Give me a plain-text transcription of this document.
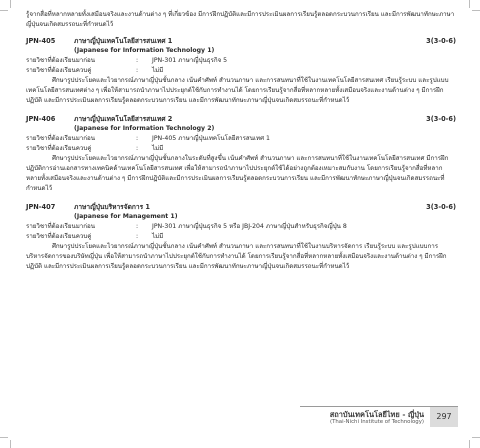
รู้จากสื่อที่หลากหลายทั้งเสมือนจริงและงานด้านต่าง ๆ ที่เกี่ยวข้อง มีการฝึกปฏิบัติและมีการประเมินผลการเรียนรู้ตลอดกระบวนการเรียน และมีการพัฒนาทักษะภาษาญี่ปุ่นจนเกิดสมรรถนะที่กำหนดไว้

JPN-405	ภาษาญี่ปุ่นเทคโนโลยีสารสนเทศ 1	3(3-0-6)
(Japanese for Information Technology 1)
รายวิชาที่ต้องเรียนมาก่อน	:	JPN-301 ภาษาญี่ปุ่นธุรกิจ 5
รายวิชาที่ต้องเรียนควบคู่	:	ไม่มี

ศึกษารูปประโยคและไวยากรณ์ภาษาญี่ปุ่นชั้นกลาง เน้นคำศัพท์ สำนวนภาษา และการสนทนาที่ใช้ในงานเทคโนโลยีสารสนเทศ เรียนรู้ระบบ และรูปแบบเทคโนโลยีสารสนเทศต่าง ๆ เพื่อให้สามารถนำภาษาไปประยุกต์ใช้กับการทำงานได้ โดยการเรียนรู้จากสื่อที่หลากหลายทั้งเสมือนจริงและงานด้านต่าง ๆ มีการฝึกปฏิบัติ และมีการประเมินผลการเรียนรู้ตลอดกระบวนการเรียน และมีการพัฒนาทักษะภาษาญี่ปุ่นจนเกิดสมรรถนะที่กำหนดไว้

JPN-406	ภาษาญี่ปุ่นเทคโนโลยีสารสนเทศ 2	3(3-0-6)
(Japanese for Information Technology 2)
รายวิชาที่ต้องเรียนมาก่อน	:	JPN-405 ภาษาญี่ปุ่นเทคโนโลยีสารสนเทศ 1
รายวิชาที่ต้องเรียนควบคู่	:	ไม่มี

ศึกษารูปประโยคและไวยากรณ์ภาษาญี่ปุ่นชั้นกลางในระดับที่สูงขึ้น เน้นคำศัพท์ สำนวนภาษา และการสนทนาที่ใช้ในงานเทคโนโลยีสารสนเทศ มีการฝึกปฏิบัติการอ่านเอกสารทางเทคนิคด้านเทคโนโลยีสารสนเทศ เพื่อให้สามารถนำภาษาไปประยุกต์ใช้ได้อย่างถูกต้องเหมาะสมกับงาน โดยการเรียนรู้จากสื่อที่หลากหลายทั้งเสมือนจริงและงานด้านต่าง ๆ มีการฝึกปฏิบัติและมีการประเมินผลการเรียนรู้ตลอดกระบวนการเรียน และมีการพัฒนาทักษะภาษาญี่ปุ่นจนเกิดสมรรถนะที่กำหนดไว้

JPN-407	ภาษาญี่ปุ่นบริหารจัดการ 1	3(3-0-6)
(Japanese for Management 1)
รายวิชาที่ต้องเรียนมาก่อน	:	JPN-301 ภาษาญี่ปุ่นธุรกิจ 5 หรือ JBJ-204 ภาษาญี่ปุ่นสำหรับธุรกิจญี่ปุ่น 8
รายวิชาที่ต้องเรียนควบคู่	:	ไม่มี

ศึกษารูปประโยคและไวยากรณ์ภาษาญี่ปุ่นชั้นกลาง เน้นคำศัพท์ สำนวนภาษา และการสนทนาที่ใช้ในงานบริหารจัดการ เรียนรู้ระบบ และรูปแบบการบริหารจัดการของบริษัทญี่ปุ่น เพื่อให้สามารถนำภาษาไปประยุกต์ใช้กับการทำงานได้ โดยการเรียนรู้จากสื่อที่หลากหลายทั้งเสมือนจริงและงานด้านต่าง ๆ มีการฝึกปฏิบัติ และมีการประเมินผลการเรียนรู้ตลอดกระบวนการเรียน และมีการพัฒนาทักษะภาษาญี่ปุ่นจนเกิดสมรรถนะที่กำหนดไว้

สถาบันเทคโนโลยีไทย - ญี่ปุ่น
(Thai-Nichi Institute of Technology)
297
